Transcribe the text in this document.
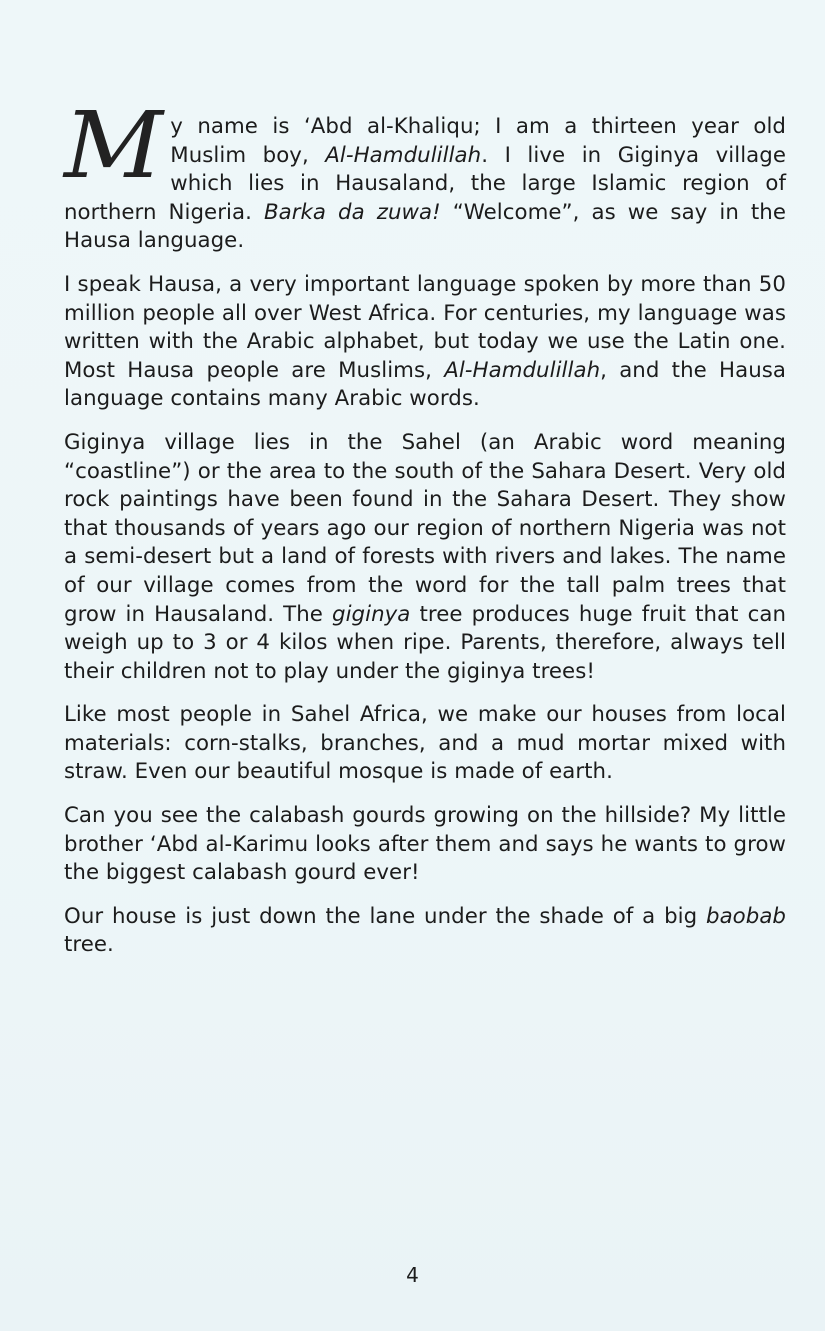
My name is ‘Abd al-Khaliqu; I am a thirteen year old Muslim boy, Al-Hamdulillah. I live in Giginya village which lies in Hausaland, the large Islamic region of northern Nigeria. Barka da zuwa! “Welcome”, as we say in the Hausa language.

I speak Hausa, a very important language spoken by more than 50 million people all over West Africa. For centuries, my language was written with the Arabic alphabet, but today we use the Latin one. Most Hausa people are Muslims, Al-Hamdulillah, and the Hausa language contains many Arabic words.

Giginya village lies in the Sahel (an Arabic word meaning “coastline”) or the area to the south of the Sahara Desert. Very old rock paintings have been found in the Sahara Desert. They show that thousands of years ago our region of northern Nigeria was not a semi-desert but a land of forests with rivers and lakes. The name of our village comes from the word for the tall palm trees that grow in Hausaland. The giginya tree produces huge fruit that can weigh up to 3 or 4 kilos when ripe. Parents, therefore, always tell their children not to play under the giginya trees!

Like most people in Sahel Africa, we make our houses from local materials: corn-stalks, branches, and a mud mortar mixed with straw. Even our beautiful mosque is made of earth.

Can you see the calabash gourds growing on the hillside? My little brother ‘Abd al-Karimu looks after them and says he wants to grow the biggest calabash gourd ever!

Our house is just down the lane under the shade of a big baobab tree.

4
